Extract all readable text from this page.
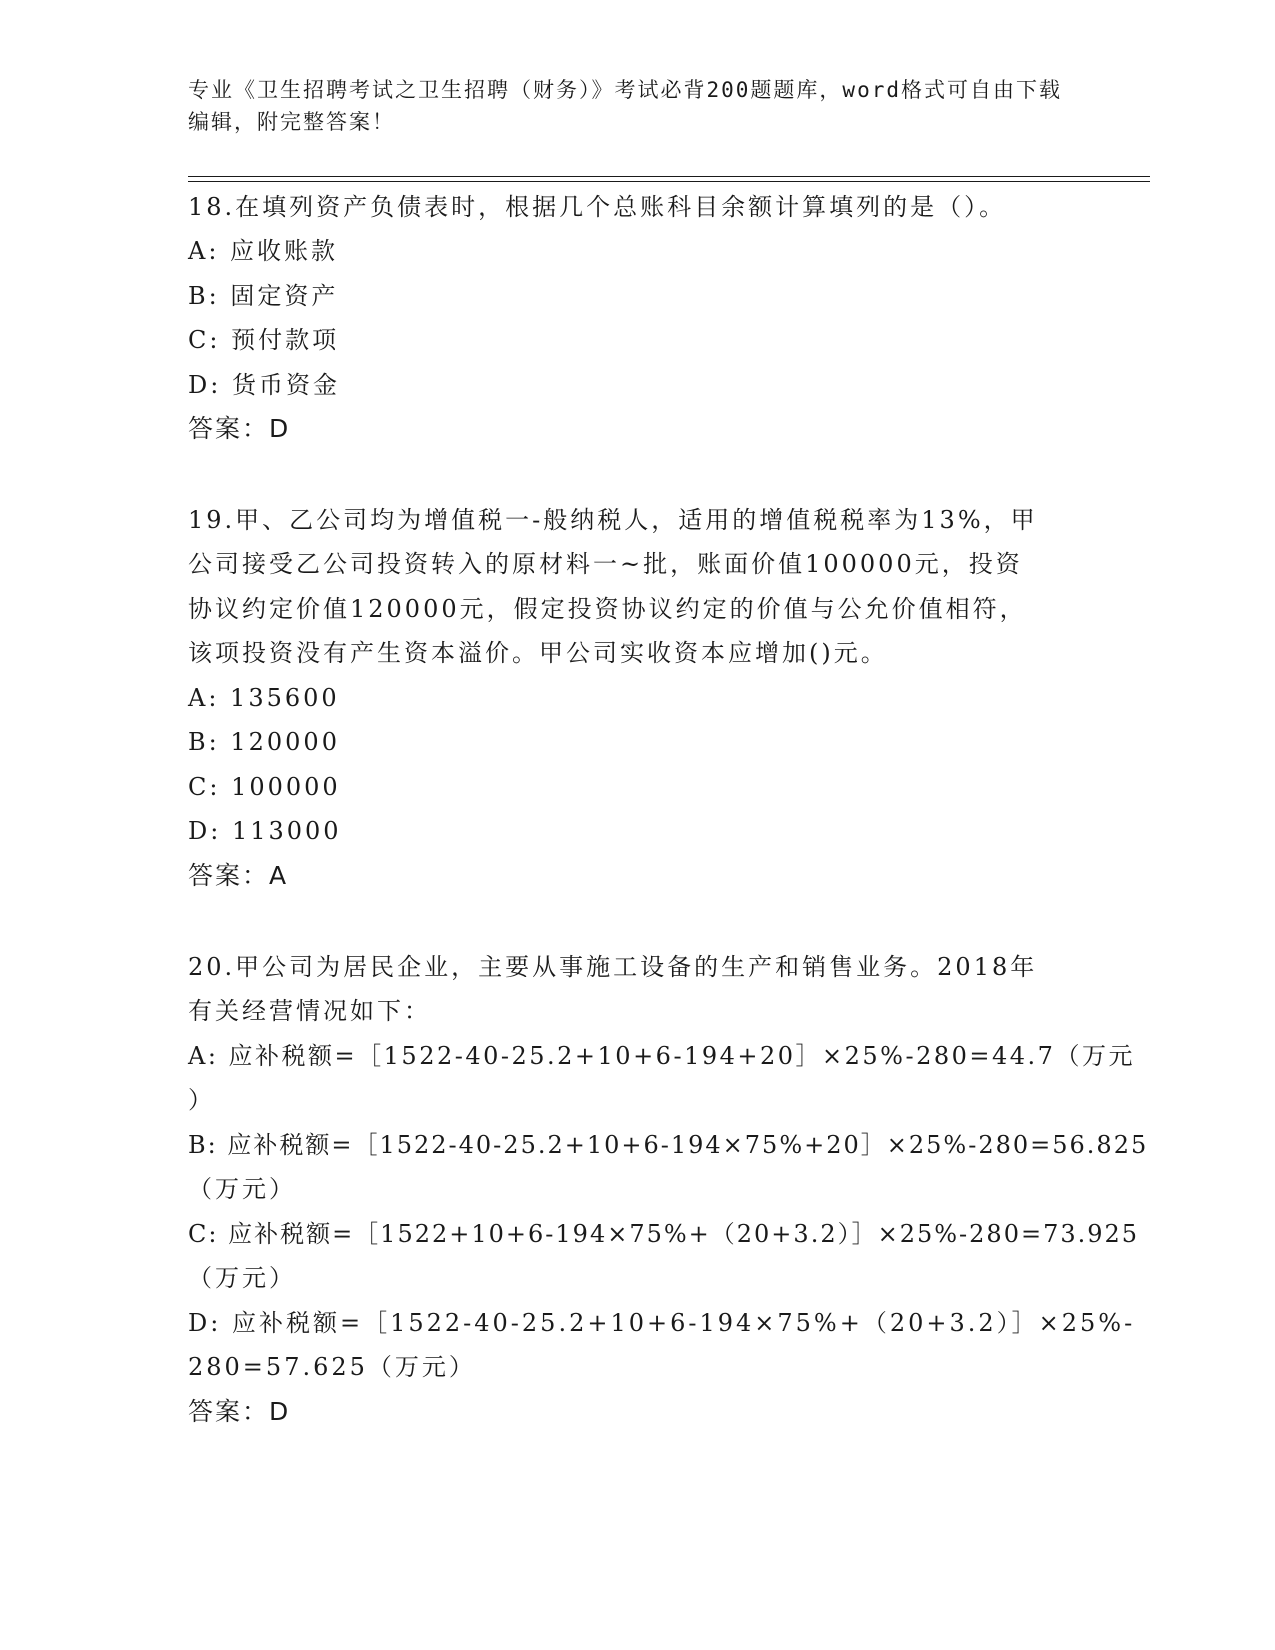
专业《卫生招聘考试之卫生招聘（财务）》考试必背200题题库，word格式可自由下载编辑，附完整答案！
18.在填列资产负债表时，根据几个总账科目余额计算填列的是（）。
A: 应收账款
B: 固定资产
C: 预付款项
D: 货币资金
答案：D
19.甲、乙公司均为增值税一-般纳税人，适用的增值税税率为13%，甲
公司接受乙公司投资转入的原材料一~批，账面价值100000元，投资
协议约定价值120000元，假定投资协议约定的价值与公允价值相符，
该项投资没有产生资本溢价。甲公司实收资本应增加()元。
A: 135600
B: 120000
C: 100000
D: 113000
答案：A
20.甲公司为居民企业，主要从事施工设备的生产和销售业务。2018年
有关经营情况如下：
A: 应补税额=［1522-40-25.2+10+6-194+20］×25%-280=44.7（万元
）
B: 应补税额=［1522-40-25.2+10+6-194×75%+20］×25%-280=56.825
（万元）
C: 应补税额=［1522+10+6-194×75%+（20+3.2）］×25%-280=73.925
（万元）
D: 应补税额=［1522-40-25.2+10+6-194×75%+（20+3.2）］×25%-
280=57.625（万元）
答案：D
